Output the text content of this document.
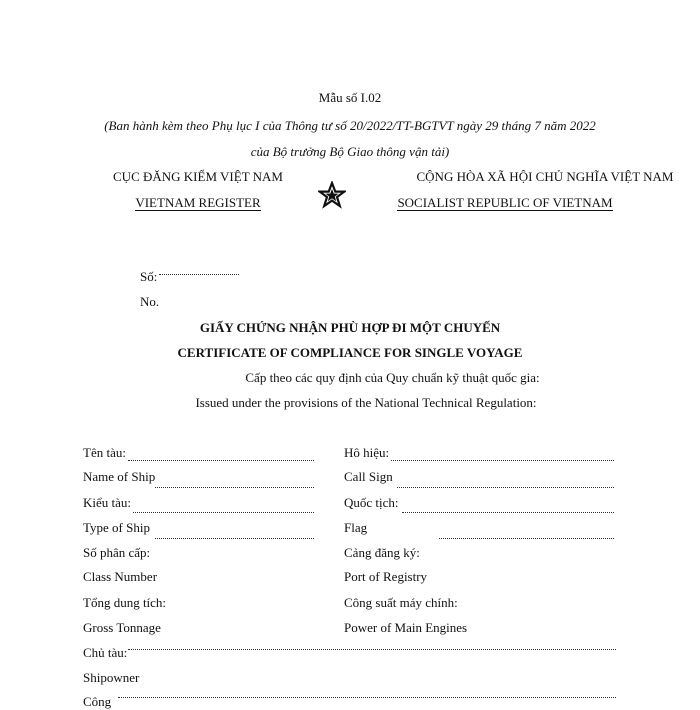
Mẫu số I.02
(Ban hành kèm theo Phụ lục I của Thông tư số 20/2022/TT-BGTVT ngày 29 tháng 7 năm 2022
của Bộ trưởng Bộ Giao thông vận tải)
CỤC ĐĂNG KIỂM VIỆT NAM
VIETNAM REGISTER
CỘNG HÒA XÃ HỘI CHỦ NGHĨA VIỆT NAM
SOCIALIST REPUBLIC OF VIETNAM
Số:
No.
GIẤY CHỨNG NHẬN PHÙ HỢP ĐI MỘT CHUYẾN
CERTIFICATE OF COMPLIANCE FOR SINGLE VOYAGE
Cấp theo các quy định của Quy chuẩn kỹ thuật quốc gia:
Issued under the provisions of the National Technical Regulation:
Tên tàu:
Name of Ship
Kiểu tàu:
Type of Ship
Số phân cấp:
Class Number
Tổng dung tích:
Gross Tonnage
Chủ tàu:
Shipowner
Công
Hô hiệu:
Call Sign
Quốc tịch:
Flag
Cảng đăng ký:
Port of Registry
Công suất máy chính:
Power of Main Engines
